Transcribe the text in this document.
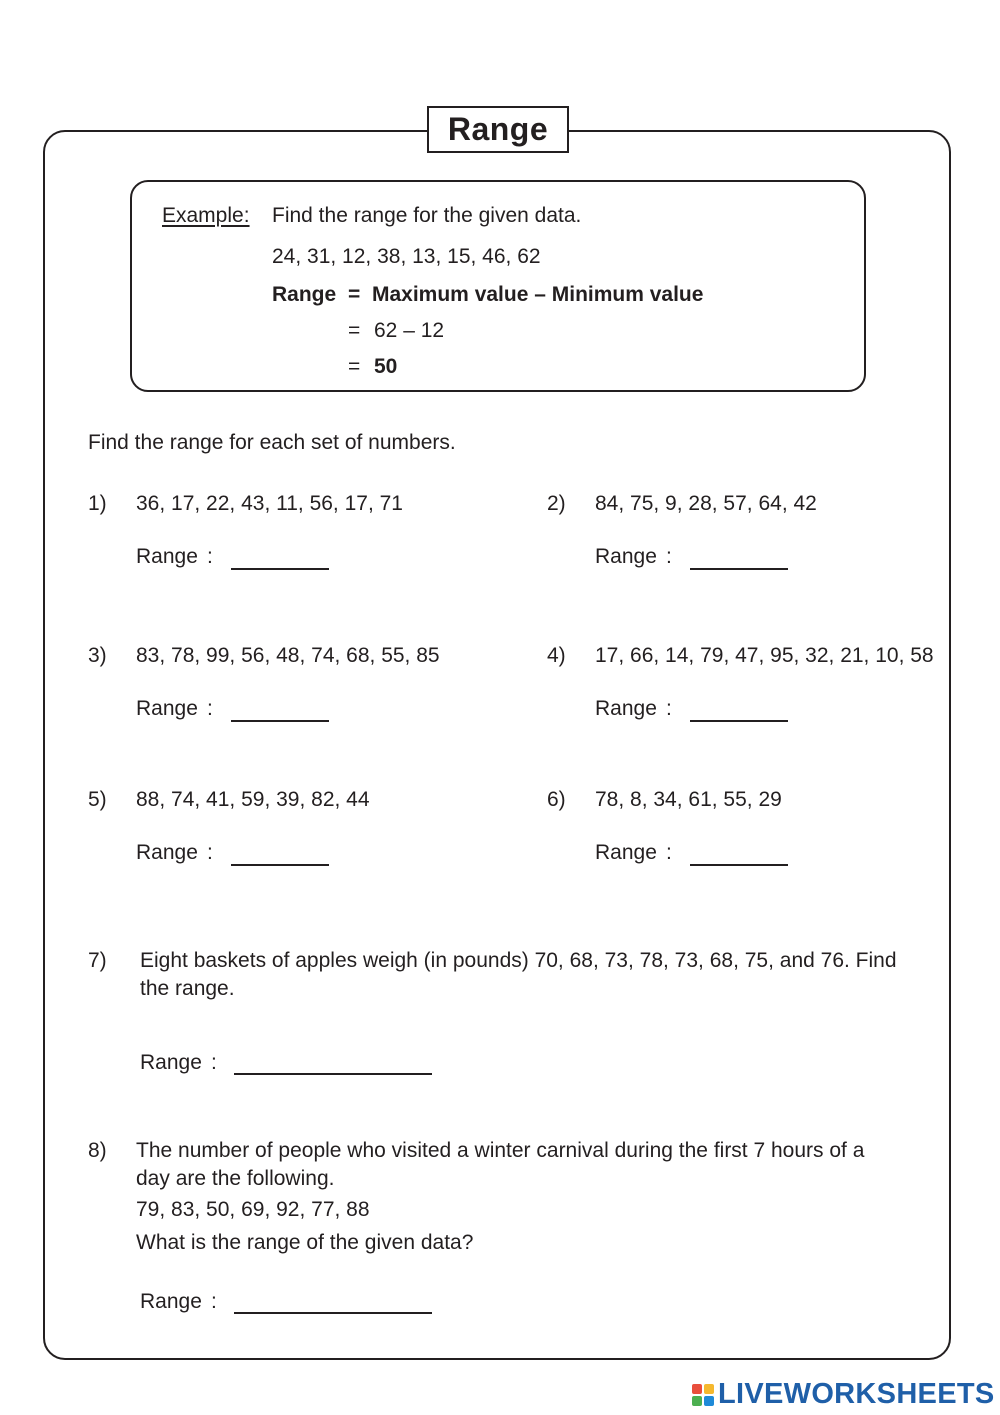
Range
Example: Find the range for the given data.
24, 31, 12, 38, 13, 15, 46, 62
Range = Maximum value – Minimum value
= 62 – 12
= 50
Find the range for each set of numbers.
1) 36, 17, 22, 43, 11, 56, 17, 71
Range :
2) 84, 75, 9, 28, 57, 64, 42
Range :
3) 83, 78, 99, 56, 48, 74, 68, 55, 85
Range :
4) 17, 66, 14, 79, 47, 95, 32, 21, 10, 58
Range :
5) 88, 74, 41, 59, 39, 82, 44
Range :
6) 78, 8, 34, 61, 55, 29
Range :
7) Eight baskets of apples weigh (in pounds) 70, 68, 73, 78, 73, 68, 75, and 76. Find
the range.
Range :
8) The number of people who visited a winter carnival during the first 7 hours of a
day are the following.
79, 83, 50, 69, 92, 77, 88
What is the range of the given data?
Range :
LIVEWORKSHEETS
